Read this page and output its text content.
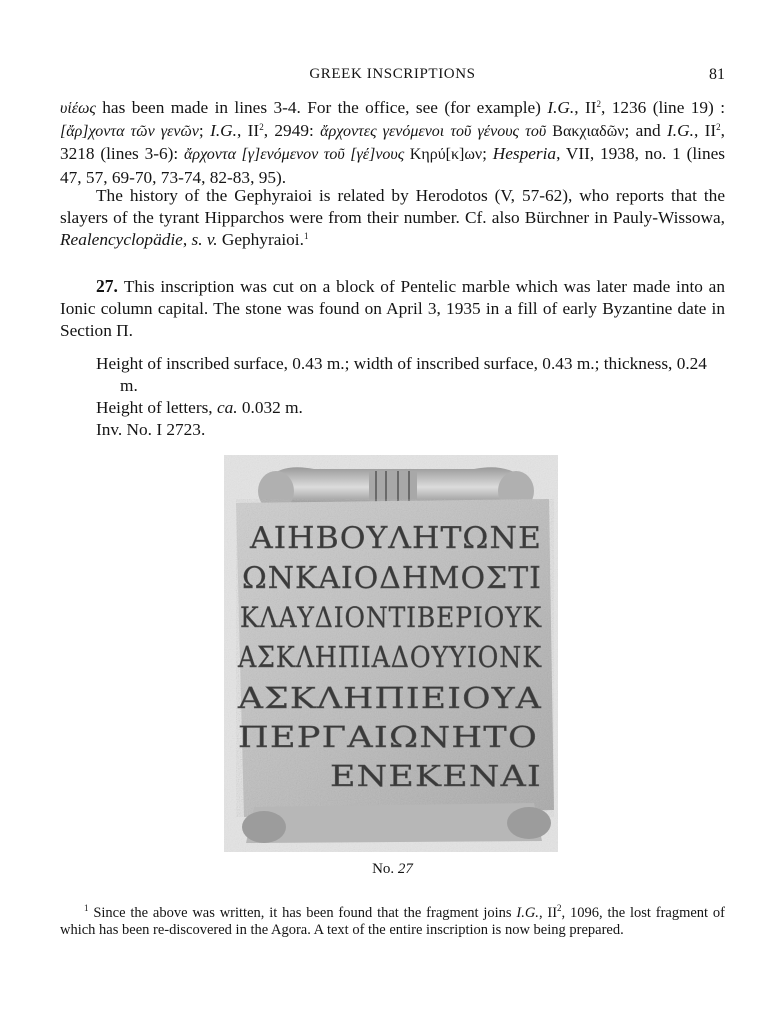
GREEK INSCRIPTIONS	81

υἱέως has been made in lines 3-4. For the office, see (for example) I.G., $II^2$, 1236 (line 19) : [ἄρ]χοντα τῶν γενῶν; I.G., $II^2$, 2949: ἄρχοντες γενόμενοι τοῦ γένους τοῦ Βακχιαδῶν; and I.G., $II^2$, 3218 (lines 3-6): ἄρχοντα [γ]ενόμενον τοῦ [γέ]νους Κηρύ[κ]ων; Hesperia, VII, 1938, no. 1 (lines 47, 57, 69-70, 73-74, 82-83, 95).

The history of the Gephyraioi is related by Herodotos (V, 57-62), who reports that the slayers of the tyrant Hipparchos were from their number. Cf. also Bürchner in Pauly-Wissowa, Realencyclopädie, s. v. Gephyraioi.$^1$

27. This inscription was cut on a block of Pentelic marble which was later made into an Ionic column capital. The stone was found on April 3, 1935 in a fill of early Byzantine date in Section Π.

Height of inscribed surface, 0.43 m.; width of inscribed surface, 0.43 m.; thickness, 0.24 m.
Height of letters, ca. 0.032 m.
Inv. No. I 2723.
ΑΙΗΒΟΥΛΗΤΩΝΕ
ΩΝΚΑΙΟΔΗΜΟΣΤΙ
ΚΛΑΥΔΙΟΝΤΙΒΕΡΙΟΥΚ
ΑΣΚΛΗΠΙΑΔΟΥΥΙΟΝΚ
ΑΣΚΛΗΠΙΕΙΟΥΑ
ΠΕΡΓΑΙΩΝΗΤΟ
ΕΝΕΚΕΝΑΙ
No. 27

$^1$ Since the above was written, it has been found that the fragment joins I.G., $II^2$, 1096, the lost fragment of which has been re-discovered in the Agora. A text of the entire inscription is now being prepared.
